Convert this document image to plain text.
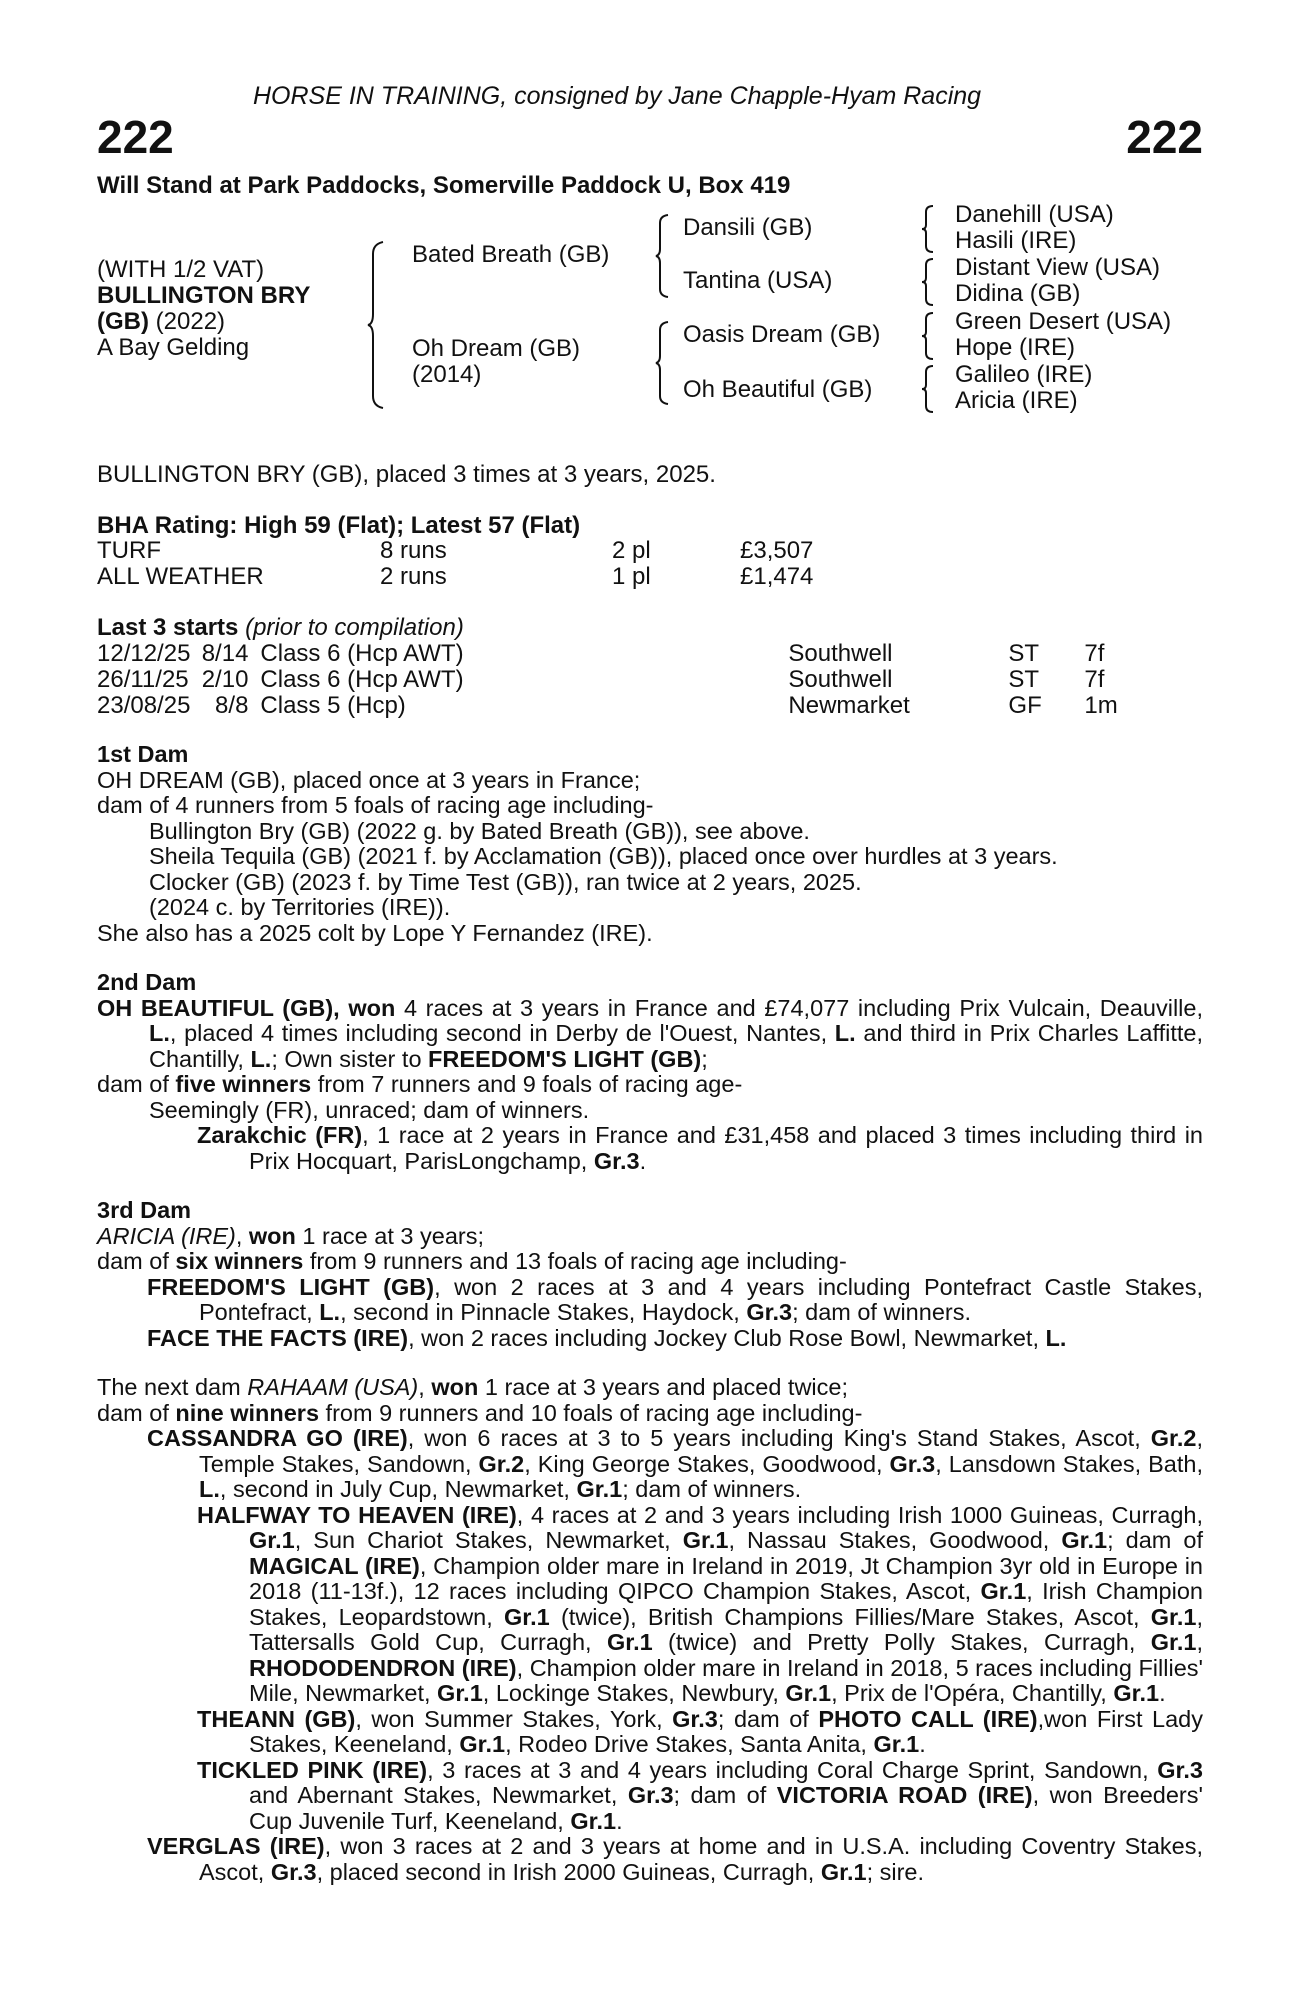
HORSE IN TRAINING, consigned by Jane Chapple-Hyam Racing
222	222
Will Stand at Park Paddocks, Somerville Paddock U, Box 419
(WITH 1/2 VAT)
BULLINGTON BRY
(GB) (2022)
A Bay Gelding
Bated Breath (GB)
Oh Dream (GB)
(2014)
Dansili (GB)
Tantina (USA)
Oasis Dream (GB)
Oh Beautiful (GB)
Danehill (USA)
Hasili (IRE)
Distant View (USA)
Didina (GB)
Green Desert (USA)
Hope (IRE)
Galileo (IRE)
Aricia (IRE)
BULLINGTON BRY (GB), placed 3 times at 3 years, 2025.
BHA Rating: High 59 (Flat); Latest 57 (Flat)
TURF	8 runs	2 pl	£3,507
ALL WEATHER	2 runs	1 pl	£1,474
Last 3 starts (prior to compilation)
12/12/25	8/14	Class 6 (Hcp AWT)	Southwell	ST	7f
26/11/25	2/10	Class 6 (Hcp AWT)	Southwell	ST	7f
23/08/25	8/8	Class 5 (Hcp)	Newmarket	GF	1m

1st Dam

OH DREAM (GB), placed once at 3 years in France;

dam of 4 runners from 5 foals of racing age including-

Bullington Bry (GB) (2022 g. by Bated Breath (GB)), see above.

Sheila Tequila (GB) (2021 f. by Acclamation (GB)), placed once over hurdles at 3 years.

Clocker (GB) (2023 f. by Time Test (GB)), ran twice at 2 years, 2025.

(2024 c. by Territories (IRE)).

She also has a 2025 colt by Lope Y Fernandez (IRE).

2nd Dam

OH BEAUTIFUL (GB), won 4 races at 3 years in France and £74,077 including Prix Vulcain, Deauville, L., placed 4 times including second in Derby de l'Ouest, Nantes, L. and third in Prix Charles Laffitte, Chantilly, L.; Own sister to FREEDOM'S LIGHT (GB);

dam of five winners from 7 runners and 9 foals of racing age-

Seemingly (FR), unraced; dam of winners.

Zarakchic (FR), 1 race at 2 years in France and £31,458 and placed 3 times including third in Prix Hocquart, ParisLongchamp, Gr.3.

3rd Dam

ARICIA (IRE), won 1 race at 3 years;

dam of six winners from 9 runners and 13 foals of racing age including-

FREEDOM'S LIGHT (GB), won 2 races at 3 and 4 years including Pontefract Castle Stakes, Pontefract, L., second in Pinnacle Stakes, Haydock, Gr.3; dam of winners.

FACE THE FACTS (IRE), won 2 races including Jockey Club Rose Bowl, Newmarket, L.

The next dam RAHAAM (USA), won 1 race at 3 years and placed twice;

dam of nine winners from 9 runners and 10 foals of racing age including-

CASSANDRA GO (IRE), won 6 races at 3 to 5 years including King's Stand Stakes, Ascot, Gr.2, Temple Stakes, Sandown, Gr.2, King George Stakes, Goodwood, Gr.3, Lansdown Stakes, Bath, L., second in July Cup, Newmarket, Gr.1; dam of winners.

HALFWAY TO HEAVEN (IRE), 4 races at 2 and 3 years including Irish 1000 Guineas, Curragh, Gr.1, Sun Chariot Stakes, Newmarket, Gr.1, Nassau Stakes, Goodwood, Gr.1; dam of MAGICAL (IRE), Champion older mare in Ireland in 2019, Jt Champion 3yr old in Europe in 2018 (11-13f.), 12 races including QIPCO Champion Stakes, Ascot, Gr.1, Irish Champion Stakes, Leopardstown, Gr.1 (twice), British Champions Fillies/Mare Stakes, Ascot, Gr.1, Tattersalls Gold Cup, Curragh, Gr.1 (twice) and Pretty Polly Stakes, Curragh, Gr.1, RHODODENDRON (IRE), Champion older mare in Ireland in 2018, 5 races including Fillies' Mile, Newmarket, Gr.1, Lockinge Stakes, Newbury, Gr.1, Prix de l'Opéra, Chantilly, Gr.1.

THEANN (GB), won Summer Stakes, York, Gr.3; dam of PHOTO CALL (IRE),won First Lady Stakes, Keeneland, Gr.1, Rodeo Drive Stakes, Santa Anita, Gr.1.

TICKLED PINK (IRE), 3 races at 3 and 4 years including Coral Charge Sprint, Sandown, Gr.3 and Abernant Stakes, Newmarket, Gr.3; dam of VICTORIA ROAD (IRE), won Breeders' Cup Juvenile Turf, Keeneland, Gr.1.

VERGLAS (IRE), won 3 races at 2 and 3 years at home and in U.S.A. including Coventry Stakes, Ascot, Gr.3, placed second in Irish 2000 Guineas, Curragh, Gr.1; sire.
